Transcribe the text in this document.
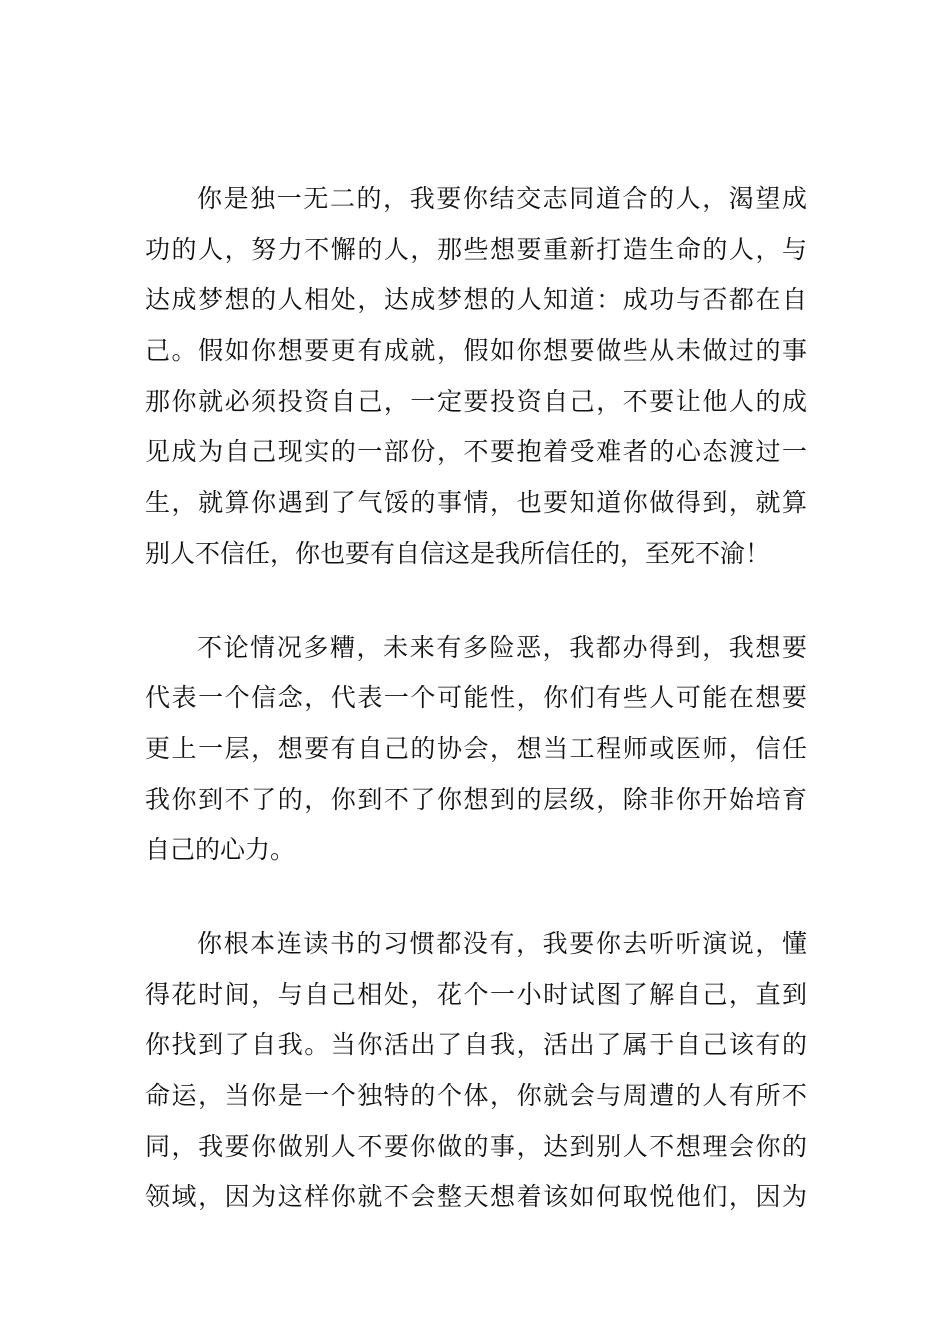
你是独一无二的，我要你结交志同道合的人，渴望成
功的人，努力不懈的人，那些想要重新打造生命的人，与
达成梦想的人相处，达成梦想的人知道：成功与否都在自
己。假如你想要更有成就，假如你想要做些从未做过的事
那你就必须投资自己，一定要投资自己，不要让他人的成
见成为自己现实的一部份，不要抱着受难者的心态渡过一
生，就算你遇到了气馁的事情，也要知道你做得到，就算
别人不信任，你也要有自信这是我所信任的，至死不渝！
不论情况多糟，未来有多险恶，我都办得到，我想要
代表一个信念，代表一个可能性，你们有些人可能在想要
更上一层，想要有自己的协会，想当工程师或医师，信任
我你到不了的，你到不了你想到的层级，除非你开始培育
自己的心力。
你根本连读书的习惯都没有，我要你去听听演说，懂
得花时间，与自己相处，花个一小时试图了解自己，直到
你找到了自我。当你活出了自我，活出了属于自己该有的
命运，当你是一个独特的个体，你就会与周遭的人有所不
同，我要你做别人不要你做的事，达到别人不想理会你的
领域，因为这样你就不会整天想着该如何取悦他们，因为
